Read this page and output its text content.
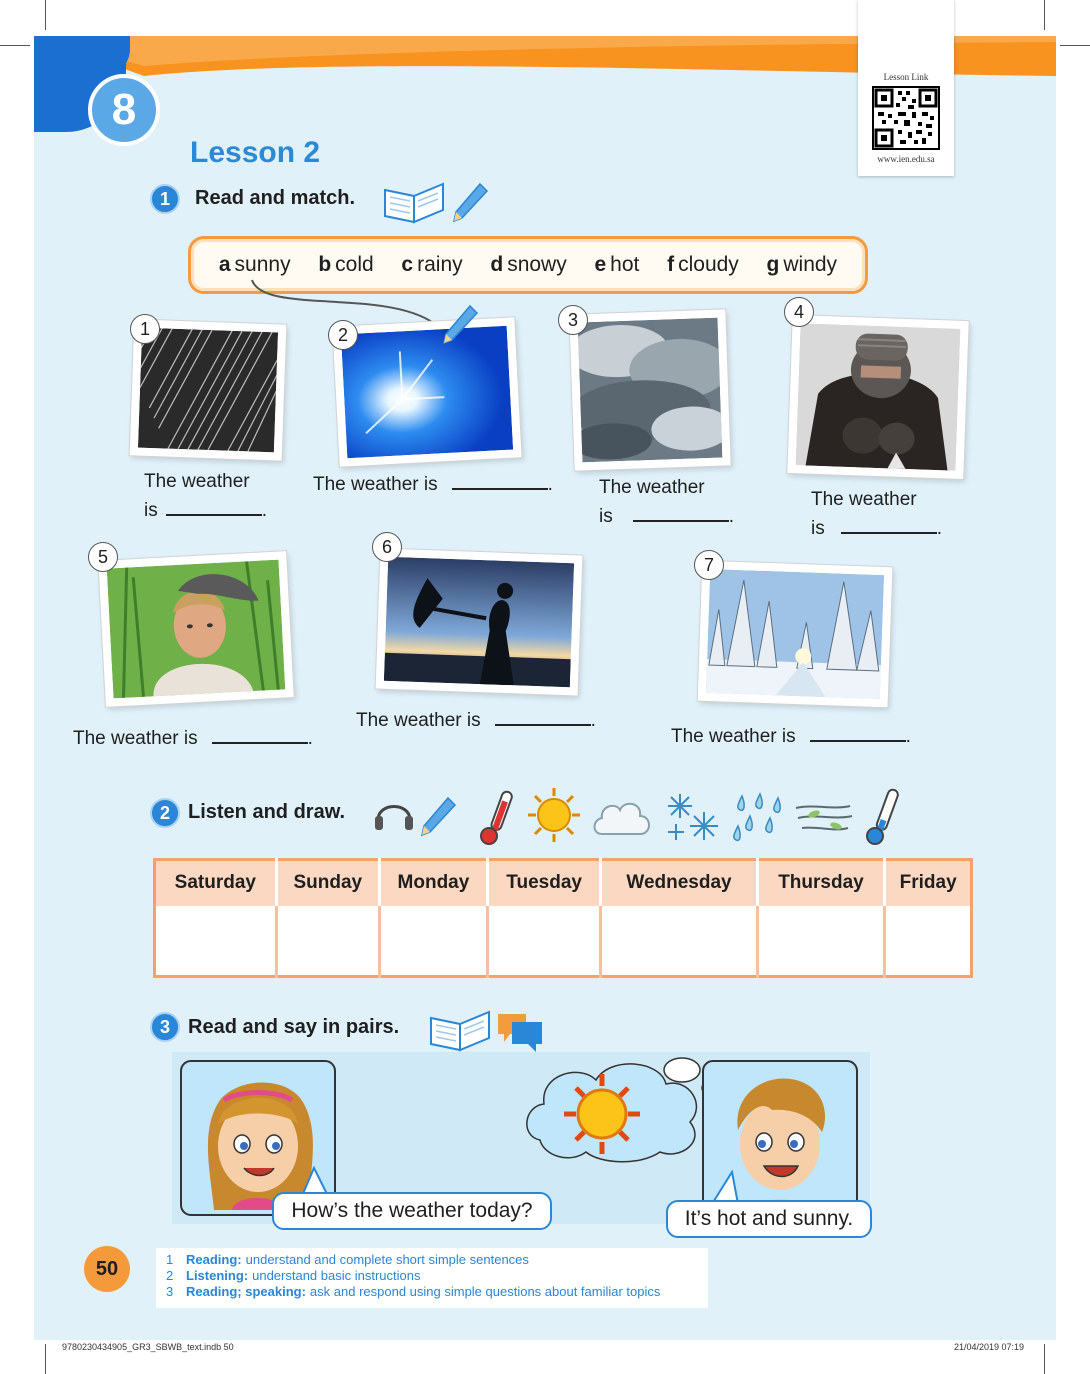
8
Lesson 2
Lesson Link
www.ien.edu.sa
1	Read and match.
a sunny b cold c rainy d snowy e hot f cloudy g windy
1
The weather
is	.
2
The weather is	.
3
The weather
is	.
4
The weather
is	.
5
The weather is	.
6
The weather is	.
7
The weather is	.
2 Listen and draw.
Saturday	Sunday	Monday	Tuesday	Wednesday	Thursday	Friday

3 Read and say in pairs.
How’s the weather today?	It’s hot and sunny.
50	1 Reading: understand and complete short simple sentences
2 Listening: understand basic instructions
3 Reading; speaking: ask and respond using simple questions about familiar topics
9780230434905_GR3_SBWB_text.indb 50	21/04/2019 07:19
